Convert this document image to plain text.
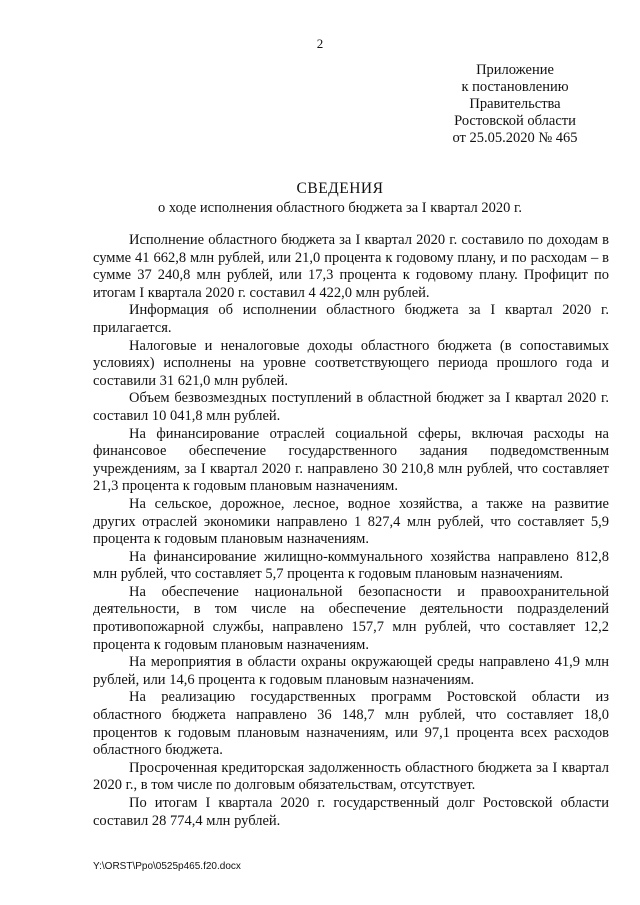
2
Приложение
к постановлению
Правительства
Ростовской области
от 25.05.2020 № 465
СВЕДЕНИЯ
о ходе исполнения областного бюджета за I квартал 2020 г.

Исполнение областного бюджета за I квартал 2020 г. составило по доходам в сумме 41 662,8 млн рублей, или 21,0 процента к годовому плану, и по расходам – в сумме 37 240,8 млн рублей, или 17,3 процента к годовому плану. Профицит по итогам I квартала 2020 г. составил 4 422,0 млн рублей.

Информация об исполнении областного бюджета за I квартал 2020 г. прилагается.

Налоговые и неналоговые доходы областного бюджета (в сопоставимых условиях) исполнены на уровне соответствующего периода прошлого года и составили 31 621,0 млн рублей.

Объем безвозмездных поступлений в областной бюджет за I квартал 2020 г. составил 10 041,8 млн рублей.

На финансирование отраслей социальной сферы, включая расходы на финансовое обеспечение государственного задания подведомственным учреждениям, за I квартал 2020 г. направлено 30 210,8 млн рублей, что составляет 21,3 процента к годовым плановым назначениям.

На сельское, дорожное, лесное, водное хозяйства, а также на развитие других отраслей экономики направлено 1 827,4 млн рублей, что составляет 5,9 процента к годовым плановым назначениям.

На финансирование жилищно-коммунального хозяйства направлено 812,8 млн рублей, что составляет 5,7 процента к годовым плановым назначениям.

На обеспечение национальной безопасности и правоохранительной деятельности, в том числе на обеспечение деятельности подразделений противопожарной службы, направлено 157,7 млн рублей, что составляет 12,2 процента к годовым плановым назначениям.

На мероприятия в области охраны окружающей среды направлено 41,9 млн рублей, или 14,6 процента к годовым плановым назначениям.

На реализацию государственных программ Ростовской области из областного бюджета направлено 36 148,7 млн рублей, что составляет 18,0 процентов к годовым плановым назначениям, или 97,1 процента всех расходов областного бюджета.

Просроченная кредиторская задолженность областного бюджета за I квартал 2020 г., в том числе по долговым обязательствам, отсутствует.

По итогам I квартала 2020 г. государственный долг Ростовской области составил 28 774,4 млн рублей.

Y:\ORST\Ppo\0525p465.f20.docx
